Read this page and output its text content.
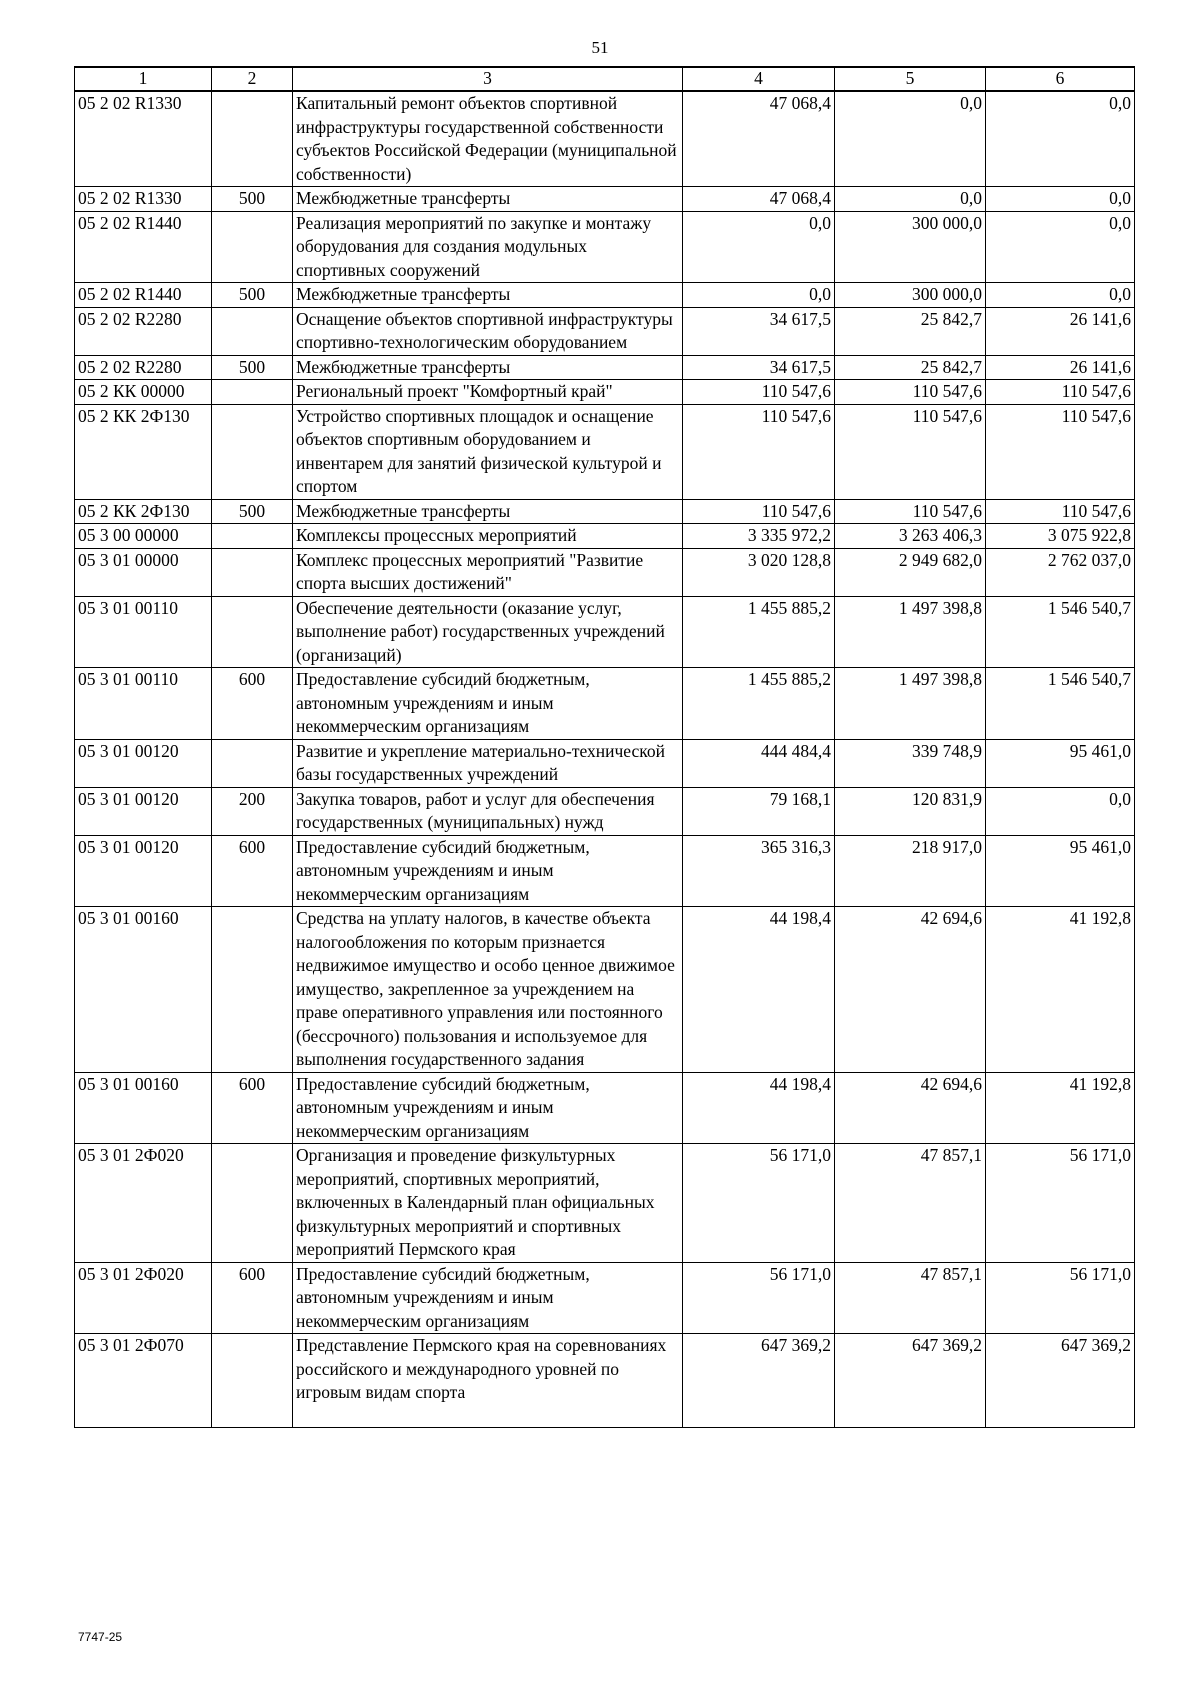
51
1	2	3	4	5	6
05 2 02 R1330		Капитальный ремонт объектов спортивной инфраструктуры государственной собственности субъектов Российской Федерации (муниципальной собственности)	47 068,4	0,0	0,0
05 2 02 R1330	500	Межбюджетные трансферты	47 068,4	0,0	0,0
05 2 02 R1440		Реализация мероприятий по закупке и монтажу оборудования для создания модульных спортивных сооружений	0,0	300 000,0	0,0
05 2 02 R1440	500	Межбюджетные трансферты	0,0	300 000,0	0,0
05 2 02 R2280		Оснащение объектов спортивной инфраструктуры спортивно-технологическим оборудованием	34 617,5	25 842,7	26 141,6
05 2 02 R2280	500	Межбюджетные трансферты	34 617,5	25 842,7	26 141,6
05 2 КК 00000		Региональный проект "Комфортный край"	110 547,6	110 547,6	110 547,6
05 2 КК 2Ф130		Устройство спортивных площадок и оснащение объектов спортивным оборудованием и инвентарем для занятий физической культурой и спортом	110 547,6	110 547,6	110 547,6
05 2 КК 2Ф130	500	Межбюджетные трансферты	110 547,6	110 547,6	110 547,6
05 3 00 00000		Комплексы процессных мероприятий	3 335 972,2	3 263 406,3	3 075 922,8
05 3 01 00000		Комплекс процессных мероприятий "Развитие спорта высших достижений"	3 020 128,8	2 949 682,0	2 762 037,0
05 3 01 00110		Обеспечение деятельности (оказание услуг, выполнение работ) государственных учреждений (организаций)	1 455 885,2	1 497 398,8	1 546 540,7
05 3 01 00110	600	Предоставление субсидий бюджетным, автономным учреждениям и иным некоммерческим организациям	1 455 885,2	1 497 398,8	1 546 540,7
05 3 01 00120		Развитие и укрепление материально-технической базы государственных учреждений	444 484,4	339 748,9	95 461,0
05 3 01 00120	200	Закупка товаров, работ и услуг для обеспечения государственных (муниципальных) нужд	79 168,1	120 831,9	0,0
05 3 01 00120	600	Предоставление субсидий бюджетным, автономным учреждениям и иным некоммерческим организациям	365 316,3	218 917,0	95 461,0
05 3 01 00160		Средства на уплату налогов, в качестве объекта налогообложения по которым признается недвижимое имущество и особо ценное движимое имущество, закрепленное за учреждением на праве оперативного управления или постоянного (бессрочного) пользования и используемое для выполнения государственного задания	44 198,4	42 694,6	41 192,8
05 3 01 00160	600	Предоставление субсидий бюджетным, автономным учреждениям и иным некоммерческим организациям	44 198,4	42 694,6	41 192,8
05 3 01 2Ф020		Организация и проведение физкультурных мероприятий, спортивных мероприятий, включенных в Календарный план официальных физкультурных мероприятий и спортивных мероприятий Пермского края	56 171,0	47 857,1	56 171,0
05 3 01 2Ф020	600	Предоставление субсидий бюджетным, автономным учреждениям и иным некоммерческим организациям	56 171,0	47 857,1	56 171,0
05 3 01 2Ф070		Представление Пермского края на соревнованиях российского и международного уровней по игровым видам спорта	647 369,2	647 369,2	647 369,2
7747-25
